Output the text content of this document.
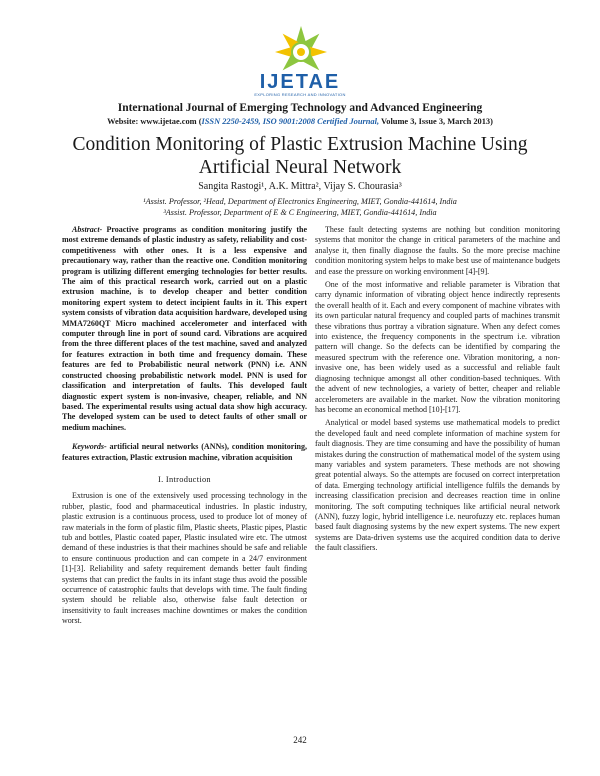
IJETAE
EXPLORING RESEARCH AND INNOVATION
International Journal of Emerging Technology and Advanced Engineering
Website: www.ijetae.com (ISSN 2250-2459, ISO 9001:2008 Certified Journal, Volume 3, Issue 3, March 2013)
Condition Monitoring of Plastic Extrusion Machine Using Artificial Neural Network
Sangita Rastogi¹, A.K. Mittra², Vijay S. Chourasia³
¹Assist. Professor, ²Head, Department of Electronics Engineering, MIET, Gondia-441614, India
³Assist. Professor, Department of E & C Engineering, MIET, Gondia-441614, India

Abstract- Proactive programs as condition monitoring justify the most extreme demands of plastic industry as safety, reliability and cost-competitiveness with other ones. It is a less expensive and precautionary way, rather than the reactive one. Condition monitoring program is utilizing different emerging technologies for better results. The aim of this practical research work, carried out on a plastic extrusion machine, is to develop cheaper and better condition monitoring expert system to detect incipient faults in it. This expert system consists of vibration data acquisition hardware, developed using MMA7260QT Micro machined accelerometer and interfaced with computer through line in port of sound card. Vibrations are acquired from the three different places of the test machine, saved and analyzed for features extraction in both time and frequency domain. These features are fed to Probabilistic neural network (PNN) i.e. ANN constructed choosing probabilistic network model. PNN is used for classification and interpretation of faults. This developed fault diagnostic expert system is non-invasive, cheaper, reliable, and NN based. The experimental results using actual data show high accuracy. The developed system can be used to detect faults of other small or medium machines.

Keywords- artificial neural networks (ANNs), condition monitoring, features extraction, Plastic extrusion machine, vibration acquisition

I. Introduction

Extrusion is one of the extensively used processing technology in the rubber, plastic, food and pharmaceutical industries. In plastic industry, plastic extrusion is a continuous process, used to produce lot of money of raw materials in the form of plastic film, Plastic sheets, Plastic pipes, Plastic tub and bottles, Plastic coated paper, Plastic insulated wire etc. The utmost demand of these industries is that their machines should be safe and reliable to ensure continuous production and can compete in a 24/7 environment [1]-[3]. Reliability and safety requirement demands better fault finding systems that can predict the faults in its infant stage thus avoid the possible occurrence of catastrophic faults that develops with time. The fault finding system should be reliable also, otherwise false fault detection or insensitivity to fault increases machine downtimes or makes the condition worst.

These fault detecting systems are nothing but condition monitoring systems that monitor the change in critical parameters of the machine and analyse it, then finally diagnose the faults. So the more precise machine condition monitoring system helps to make best use of maintenance budgets and ease the pressure on working environment [4]-[9].

One of the most informative and reliable parameter is Vibration that carry dynamic information of vibrating object hence indirectly represents the overall health of it. Each and every component of machine vibrates with its own particular natural frequency and coupled parts of machines transmit these vibrations thus portray a vibration signature. When any defect comes into existence, the frequency components in the spectrum i.e. vibration pattern will change. So the defects can be identified by comparing the measured spectrum with the reference one. Vibration monitoring, a non-invasive one, has been widely used as a successful and reliable fault diagnosing technique amongst all other condition-based techniques. With the advent of new technologies, a variety of better, cheaper and reliable accelerometers are available in the market. Now the vibration monitoring has become an economical method [10]-[17].

Analytical or model based systems use mathematical models to predict the developed fault and need complete information of machine system for fault diagnosis. They are time consuming and have the possibility of human mistakes during the construction of mathematical model of the system using many variables and system parameters. These methods are not showing great potential always. So the attempts are focused on correct interpretation of data. Emerging technology artificial intelligence fulfils the demands by increasing classification precision and decreases reaction time in online monitoring. The soft computing techniques like artificial neural network (ANN), fuzzy logic, hybrid intelligence i.e. neurofuzzy etc. replaces human based fault diagnosing systems by the new expert systems. The new expert systems are Data-driven systems use the acquired condition data to derive the fault classifiers.

242
